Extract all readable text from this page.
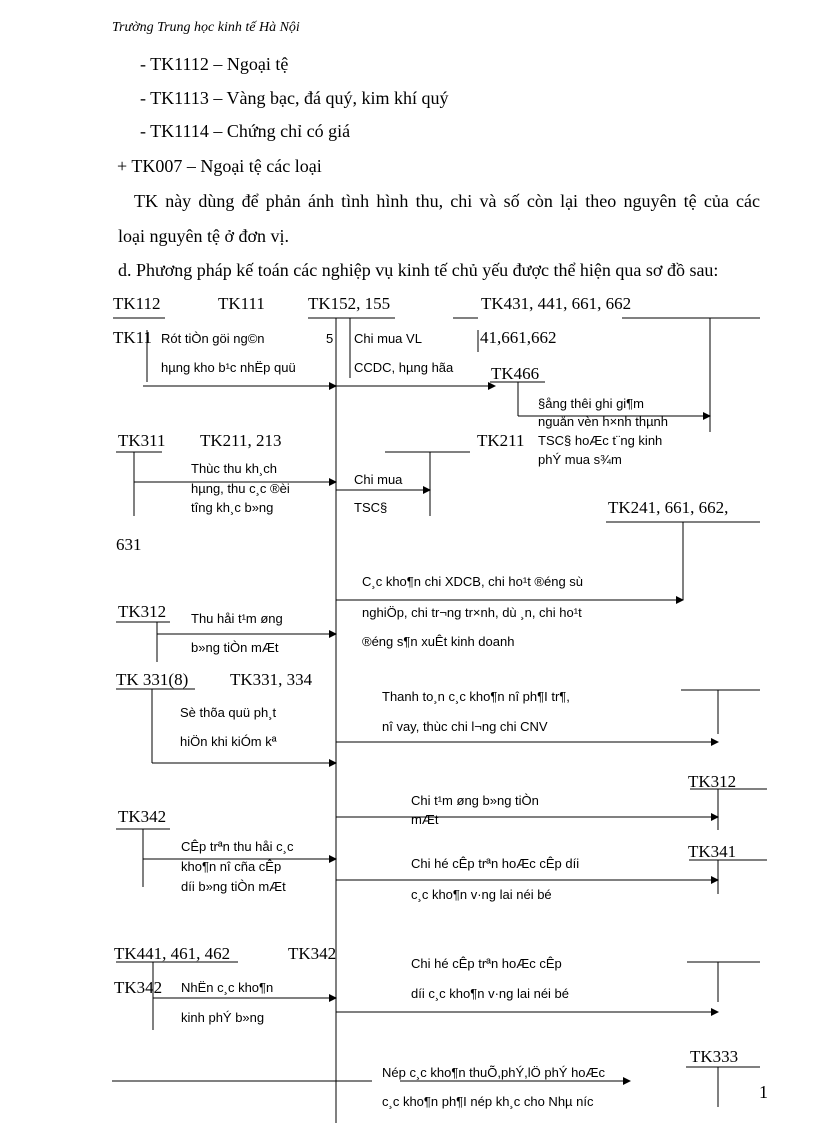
Trường Trung học kinh tế Hà Nội
- TK1112 – Ngoại tệ
- TK1113 – Vàng bạc, đá quý, kim khí quý
- TK1114 – Chứng chỉ có giá
+ TK007 – Ngoại tệ các loại
TK này dùng để phản ánh tình hình thu, chi và số còn lại theo nguyên tệ của các
loại nguyên tệ ở đơn vị.
d. Phương pháp kế toán các nghiệp vụ kinh tế chủ yếu được thể hiện qua sơ đồ sau:
TK112	TK111	TK152, 155	TK431, 441, 661, 662
TK11	5	41,661,662
TK466
TK311 TK211, 213	TK211
TK241, 661, 662,
631
TK312
TK 331(8) TK331, 334
TK312
TK342
TK341
TK441, 461, 462	TK342
TK342
TK333
Rót tiÒn göi ng©n
hµng kho b¹c nhËp quü
Chi mua VL
CCDC, hµng hãa
§ång thêi ghi gi¶m
nguån vèn h×nh thµnh
TSC§ hoÆc t¨ng kinh
phÝ mua s¾m
Thùc thu kh¸ch
hµng, thu c¸c ®èi
tîng kh¸c b»ng
Chi mua
TSC§
C¸c kho¶n chi XDCB, chi ho¹t ®éng sù
nghiÖp, chi tr¬ng tr×nh, dù ¸n, chi ho¹t
®éng s¶n xuÊt kinh doanh
Thu håi t¹m øng
b»ng tiÒn mÆt
Thanh to¸n c¸c kho¶n nî ph¶I tr¶,
nî vay, thùc chi l¬ng chi CNV
Sè thõa quü ph¸t
hiÖn khi kiÓm kª
Chi t¹m øng b»ng tiÒn
mÆt
CÊp trªn thu håi c¸c
kho¶n nî cña cÊp
díi b»ng tiÒn mÆt
Chi hé cÊp trªn hoÆc cÊp díi
c¸c kho¶n v·ng lai néi bé
Chi hé cÊp trªn hoÆc cÊp
díi c¸c kho¶n v·ng lai néi bé
NhËn c¸c kho¶n
kinh phÝ b»ng
Nép c¸c kho¶n thuÕ,phÝ,lÖ phÝ hoÆc
c¸c kho¶n ph¶I nép kh¸c cho Nhµ níc	1
